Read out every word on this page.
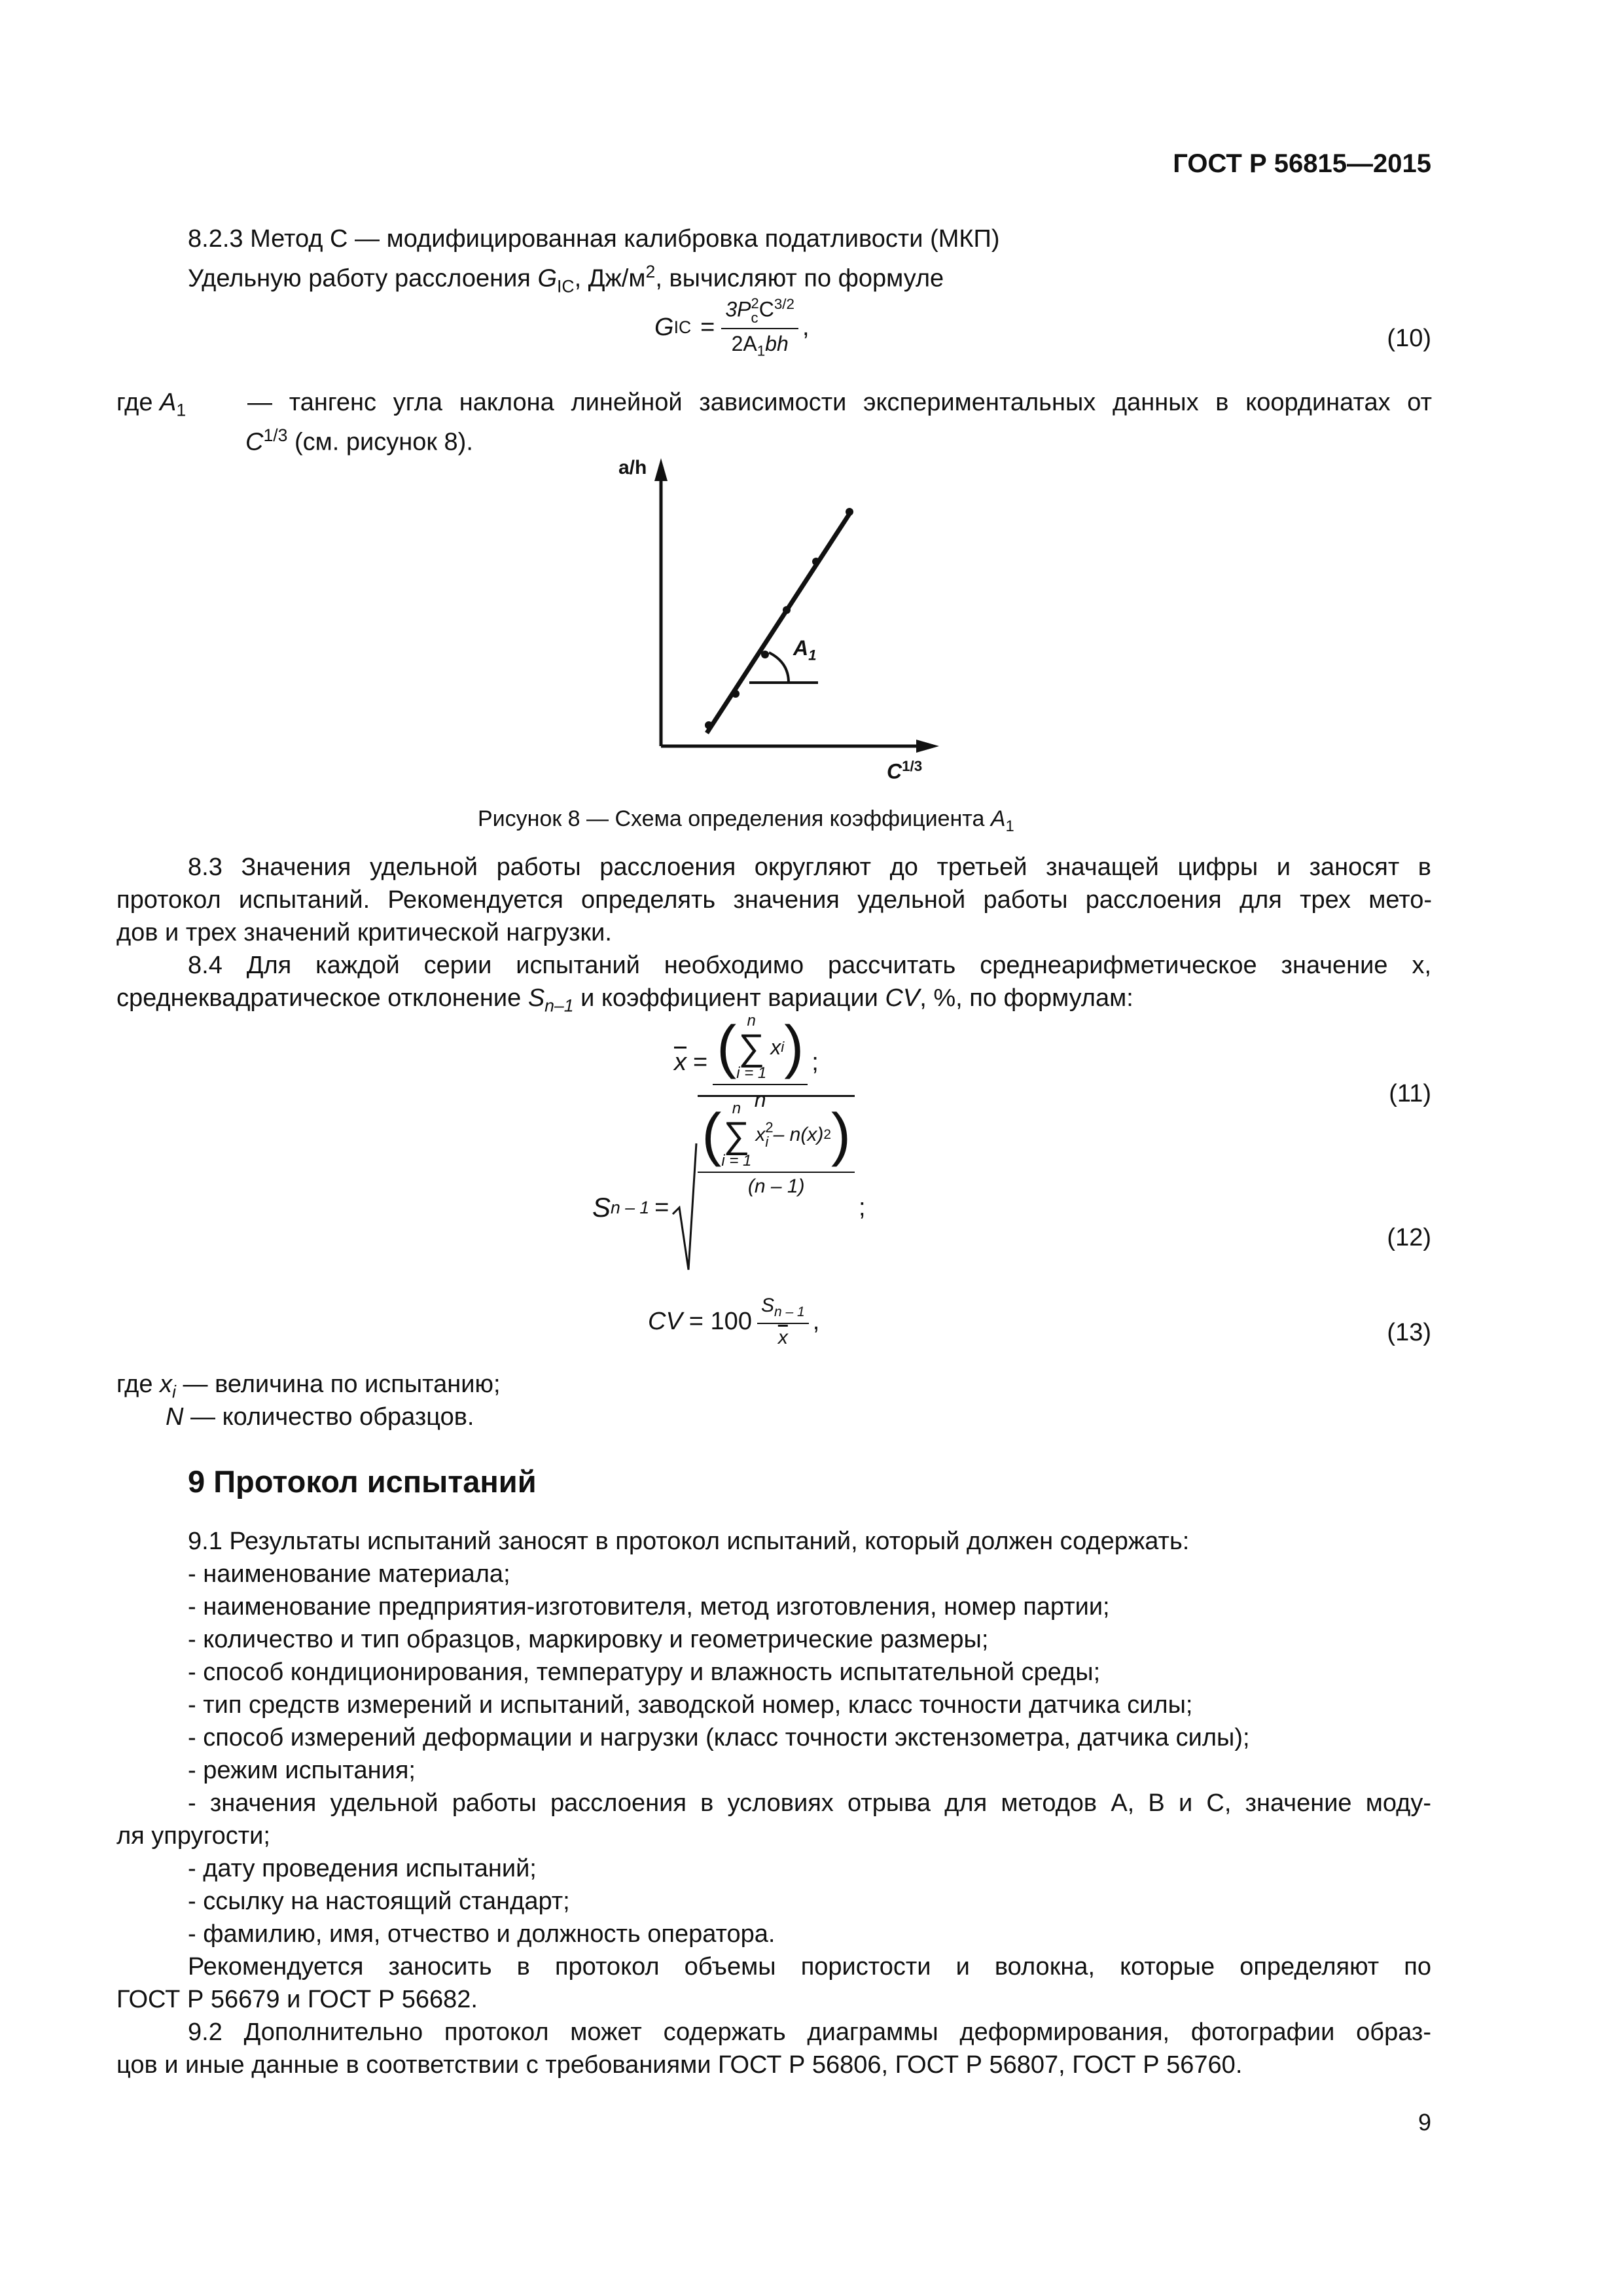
ГОСТ Р 56815—2015
8.2.3 Метод С — модифицированная калибровка податливости (МКП)
Удельную работу расслоения $G_{IC}$, $Дж/м^2$, вычисляют по формуле
G IC = 3P 2
c $C^{3/2}$
$2A_1bh$ ,	(10)
где $A_1$	— тангенс угла наклона линейной зависимости экспериментальных данных в координатах от
$C^{1/3}$ (см. рисунок 8).
a/h
$A_1$
$C^{1/3}$
Рисунок 8 — Схема определения коэффициента $A_1$
8.3 Значения удельной работы расслоения округляют до третьей значащей цифры и заносят в
протокол испытаний. Рекомендуется определять значения удельной работы расслоения для трех мето-
дов и трех значений критической нагрузки.
8.4 Для каждой серии испытаний необходимо рассчитать среднеарифметическое значение x,
среднеквадратическое отклонение $S_{n-1}$ и коэффициент вариации CV, %, по формулам:
$\overline{x}$ = ( n
∑
i = 1
x i )
n
;
(11)
S n – 1 =
( n
∑
i = 1
x 2
i – n(x) 2 )
(n – 1)
;
(12)
CV = $100 \frac{S_{n - 1}}{x}$ ,	(13)
где $x_i$ — величина по испытанию;
N — количество образцов.
9 Протокол испытаний
9.1 Результаты испытаний заносят в протокол испытаний, который должен содержать:
- наименование материала;
- наименование предприятия-изготовителя, метод изготовления, номер партии;
- количество и тип образцов, маркировку и геометрические размеры;
- способ кондиционирования, температуру и влажность испытательной среды;
- тип средств измерений и испытаний, заводской номер, класс точности датчика силы;
- способ измерений деформации и нагрузки (класс точности экстензометра, датчика силы);
- режим испытания;
- значения удельной работы расслоения в условиях отрыва для методов А, В и С, значение моду-
ля упругости;
- дату проведения испытаний;
- ссылку на настоящий стандарт;
- фамилию, имя, отчество и должность оператора.
Рекомендуется заносить в протокол объемы пористости и волокна, которые определяют по
ГОСТ Р 56679 и ГОСТ Р 56682.
9.2 Дополнительно протокол может содержать диаграммы деформирования, фотографии образ-
цов и иные данные в соответствии с требованиями ГОСТ Р 56806, ГОСТ Р 56807, ГОСТ Р 56760.
9
